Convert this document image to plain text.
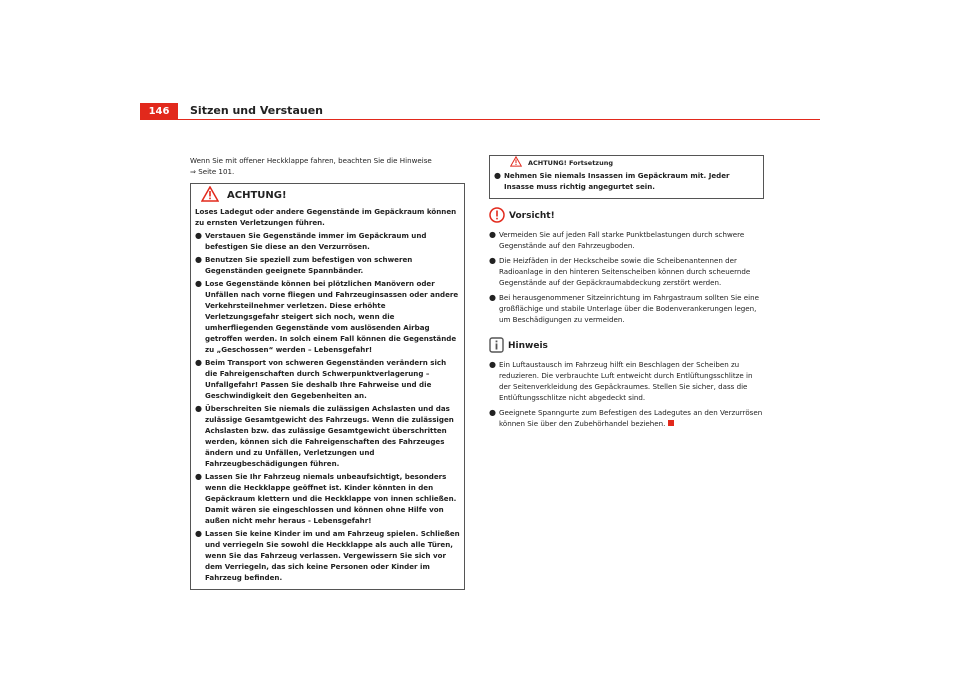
146	Sitzen und Verstauen

Wenn Sie mit offener Heckklappe fahren, beachten Sie die Hinweise
⇒ Seite 101.

ACHTUNG!

Loses Ladegut oder andere Gegenstände im Gepäckraum können zu ernsten Verletzungen führen.

● Verstauen Sie Gegenstände immer im Gepäckraum und befestigen Sie diese an den Verzurrösen.

● Benutzen Sie speziell zum befestigen von schweren Gegenständen geeignete Spannbänder.

● Lose Gegenstände können bei plötzlichen Manövern oder Unfällen nach vorne fliegen und Fahrzeuginsassen oder andere Verkehrsteilnehmer verletzen. Diese erhöhte Verletzungsgefahr steigert sich noch, wenn die umherfliegenden Gegenstände vom auslösenden Airbag getroffen werden. In solch einem Fall können die Gegenstände zu „Geschossen“ werden – Lebensgefahr!

● Beim Transport von schweren Gegenständen verändern sich die Fahreigenschaften durch Schwerpunktverlagerung – Unfallgefahr! Passen Sie deshalb Ihre Fahrweise und die Geschwindigkeit den Gegebenheiten an.

● Überschreiten Sie niemals die zulässigen Achslasten und das zulässige Gesamtgewicht des Fahrzeugs. Wenn die zulässigen Achslasten bzw. das zulässige Gesamtgewicht überschritten werden, können sich die Fahreigenschaften des Fahrzeuges ändern und zu Unfällen, Verletzungen und Fahrzeugbeschädigungen führen.

● Lassen Sie Ihr Fahrzeug niemals unbeaufsichtigt, besonders wenn die Heckklappe geöffnet ist. Kinder könnten in den Gepäckraum klettern und die Heckklappe von innen schließen. Damit wären sie eingeschlossen und können ohne Hilfe von außen nicht mehr heraus - Lebensgefahr!

● Lassen Sie keine Kinder im und am Fahrzeug spielen. Schließen und verriegeln Sie sowohl die Heckklappe als auch alle Türen, wenn Sie das Fahrzeug verlassen. Vergewissern Sie sich vor dem Verriegeln, das sich keine Personen oder Kinder im Fahrzeug befinden.

ACHTUNG! Fortsetzung
● Nehmen Sie niemals Insassen im Gepäckraum mit. Jeder Insasse muss richtig angegurtet sein.

Vorsicht!
● Vermeiden Sie auf jeden Fall starke Punktbelastungen durch schwere Gegenstände auf den Fahrzeugboden.

● Die Heizfäden in der Heckscheibe sowie die Scheibenantennen der Radioanlage in den hinteren Seitenscheiben können durch scheuernde Gegenstände auf der Gepäckraumabdeckung zerstört werden.

● Bei herausgenommener Sitzeinrichtung im Fahrgastraum sollten Sie eine großflächige und stabile Unterlage über die Bodenverankerungen legen, um Beschädigungen zu vermeiden.

Hinweis
● Ein Luftaustausch im Fahrzeug hilft ein Beschlagen der Scheiben zu reduzieren. Die verbrauchte Luft entweicht durch Entlüftungsschlitze in der Seitenverkleidung des Gepäckraumes. Stellen Sie sicher, dass die Entlüftungsschlitze nicht abgedeckt sind.

● Geeignete Spanngurte zum Befestigen des Ladegutes an den Verzurrösen können Sie über den Zubehörhandel beziehen.
